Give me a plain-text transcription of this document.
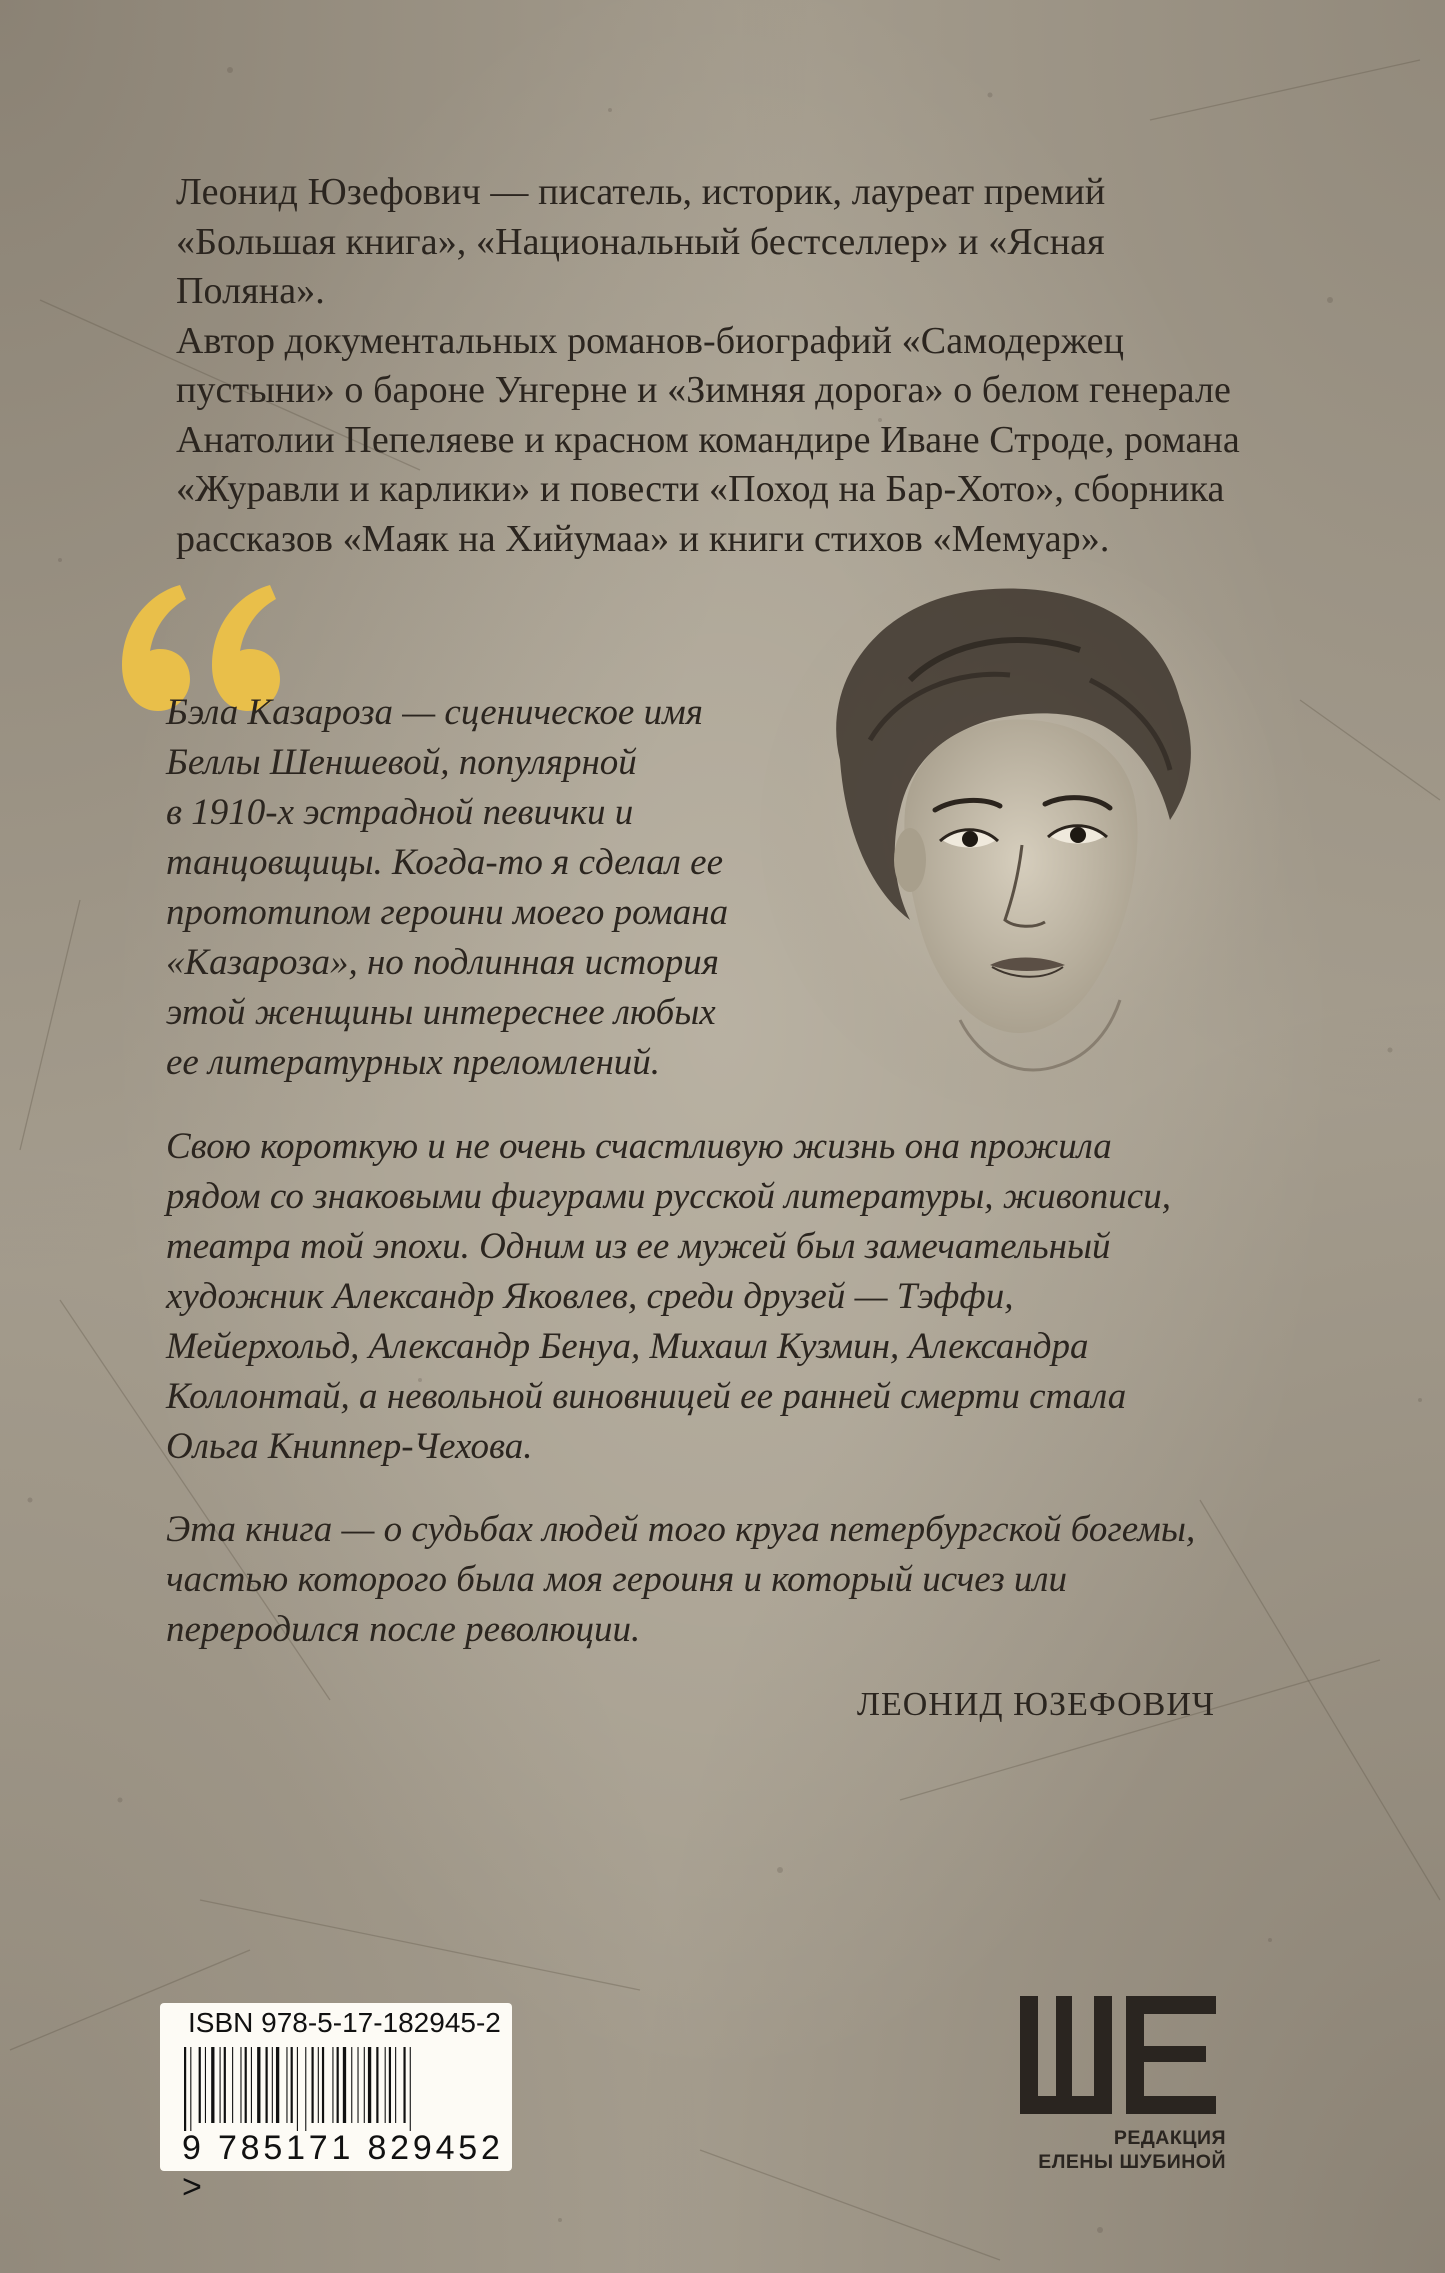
Леонид Юзефович — писатель, историк, лауреат премий

«Большая книга», «Национальный бестселлер» и «Ясная Поляна».

Автор документальных романов-биографий «Самодержец

пустыни» о бароне Унгерне и «Зимняя дорога» о белом генерале

Анатолии Пепеляеве и красном командире Иване Строде, романа

«Журавли и карлики» и повести «Поход на Бар-Хото», сборника

рассказов «Маяк на Хийумаа» и книги стихов «Мемуар».

Бэла Казароза — сценическое имя

Беллы Шеншевой, популярной

в 1910-х эстрадной певички и

танцовщицы. Когда-то я сделал ее

прототипом героини моего романа

«Казароза», но подлинная история

этой женщины интереснее любых

ее литературных преломлений.

Свою короткую и не очень счастливую жизнь она прожила

рядом со знаковыми фигурами русской литературы, живописи,

театра той эпохи. Одним из ее мужей был замечательный

художник Александр Яковлев, среди друзей — Тэффи,

Мейерхольд, Александр Бенуа, Михаил Кузмин, Александра

Коллонтай, а невольной виновницей ее ранней смерти стала

Ольга Книппер-Чехова.

Эта книга — о судьбах людей того круга петербургской богемы,

частью которого была моя героиня и который исчез или

переродился после революции.

ЛЕОНИД ЮЗЕФОВИЧ
ISBN 978-5-17-182945-2
9 785171 829452 >
РЕДАКЦИЯ
ЕЛЕНЫ ШУБИНОЙ
